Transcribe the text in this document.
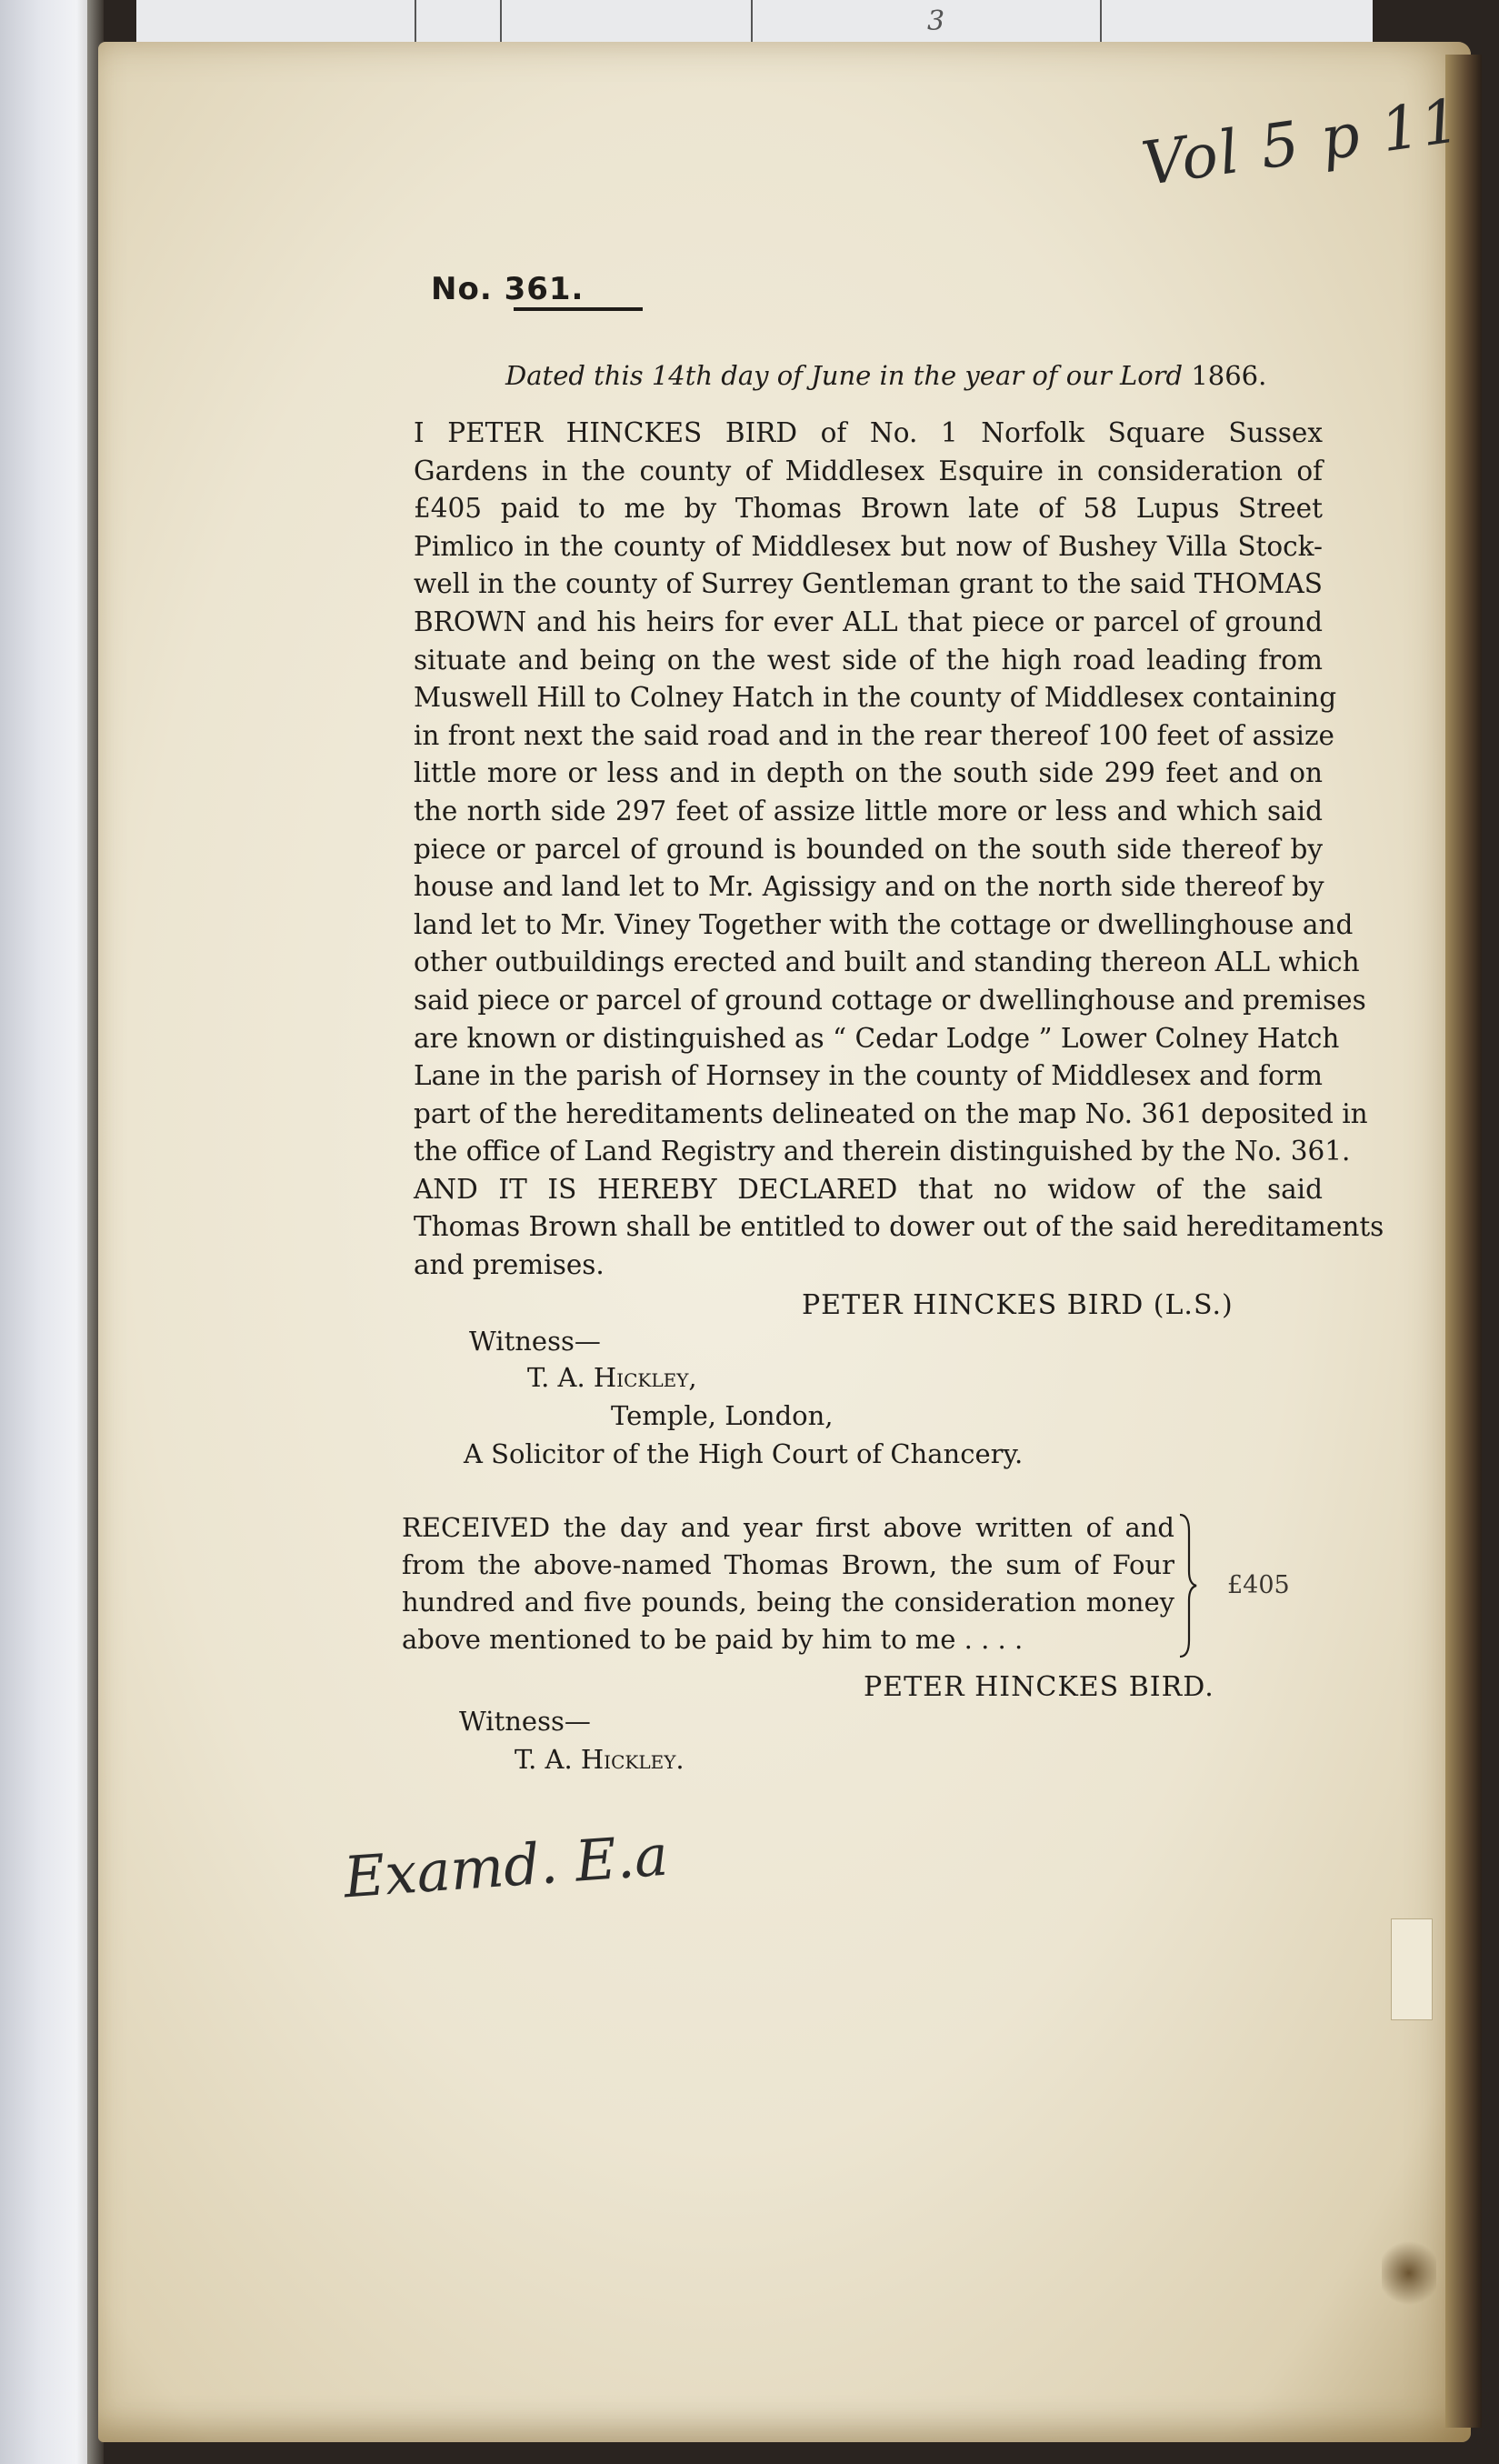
3
Vol 5 p 11
No. 361.
Dated this 14th day of June in the year of our Lord 1866.
I PETER HINCKES BIRD of No. 1 Norfolk Square Sussex
Gardens in the county of Middlesex Esquire in consideration of
£405 paid to me by Thomas Brown late of 58 Lupus Street
Pimlico in the county of Middlesex but now of Bushey Villa Stock-
well in the county of Surrey Gentleman grant to the said THOMAS
BROWN and his heirs for ever ALL that piece or parcel of ground
situate and being on the west side of the high road leading from
Muswell Hill to Colney Hatch in the county of Middlesex containing
in front next the said road and in the rear thereof 100 feet of assize
little more or less and in depth on the south side 299 feet and on
the north side 297 feet of assize little more or less and which said
piece or parcel of ground is bounded on the south side thereof by
house and land let to Mr. Agissigy and on the north side thereof by
land let to Mr. Viney Together with the cottage or dwellinghouse and
other outbuildings erected and built and standing thereon ALL which
said piece or parcel of ground cottage or dwellinghouse and premises
are known or distinguished as “ Cedar Lodge ” Lower Colney Hatch
Lane in the parish of Hornsey in the county of Middlesex and form
part of the hereditaments delineated on the map No. 361 deposited in
the office of Land Registry and therein distinguished by the No. 361.
AND IT IS HEREBY DECLARED that no widow of the said
Thomas Brown shall be entitled to dower out of the said hereditaments
and premises.
PETER HINCKES BIRD (L.S.)
Witness—
T. A. Hickley,
Temple, London,
A Solicitor of the High Court of Chancery.
RECEIVED the day and year first above written of and
from the above-named Thomas Brown, the sum of Four
hundred and five pounds, being the consideration money
above mentioned to be paid by him to me . . . .
£405
PETER HINCKES BIRD.
Witness—
T. A. Hickley.
Examd. E.a
